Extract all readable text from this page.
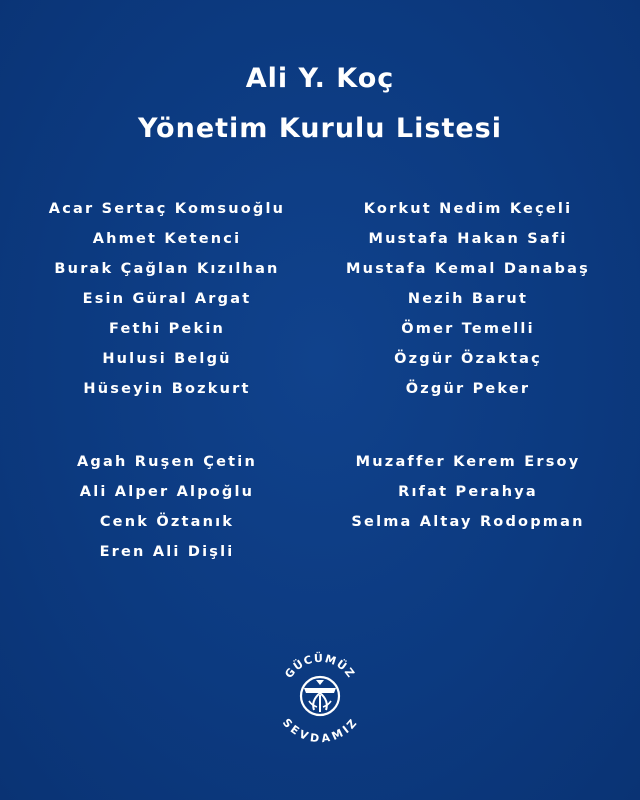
Ali Y. Koç
Yönetim Kurulu Listesi
Acar Sertaç Komsuoğlu
Ahmet Ketenci
Burak Çağlan Kızılhan
Esin Güral Argat
Fethi Pekin
Hulusi Belgü
Hüseyin Bozkurt
Korkut Nedim Keçeli
Mustafa Hakan Safi
Mustafa Kemal Danabaş
Nezih Barut
Ömer Temelli
Özgür Özaktaç
Özgür Peker
Agah Ruşen Çetin
Ali Alper Alpoğlu
Cenk Öztanık
Eren Ali Dişli
Muzaffer Kerem Ersoy
Rıfat Perahya
Selma Altay Rodopman
GÜCÜMÜZ
SEVDAMIZ
